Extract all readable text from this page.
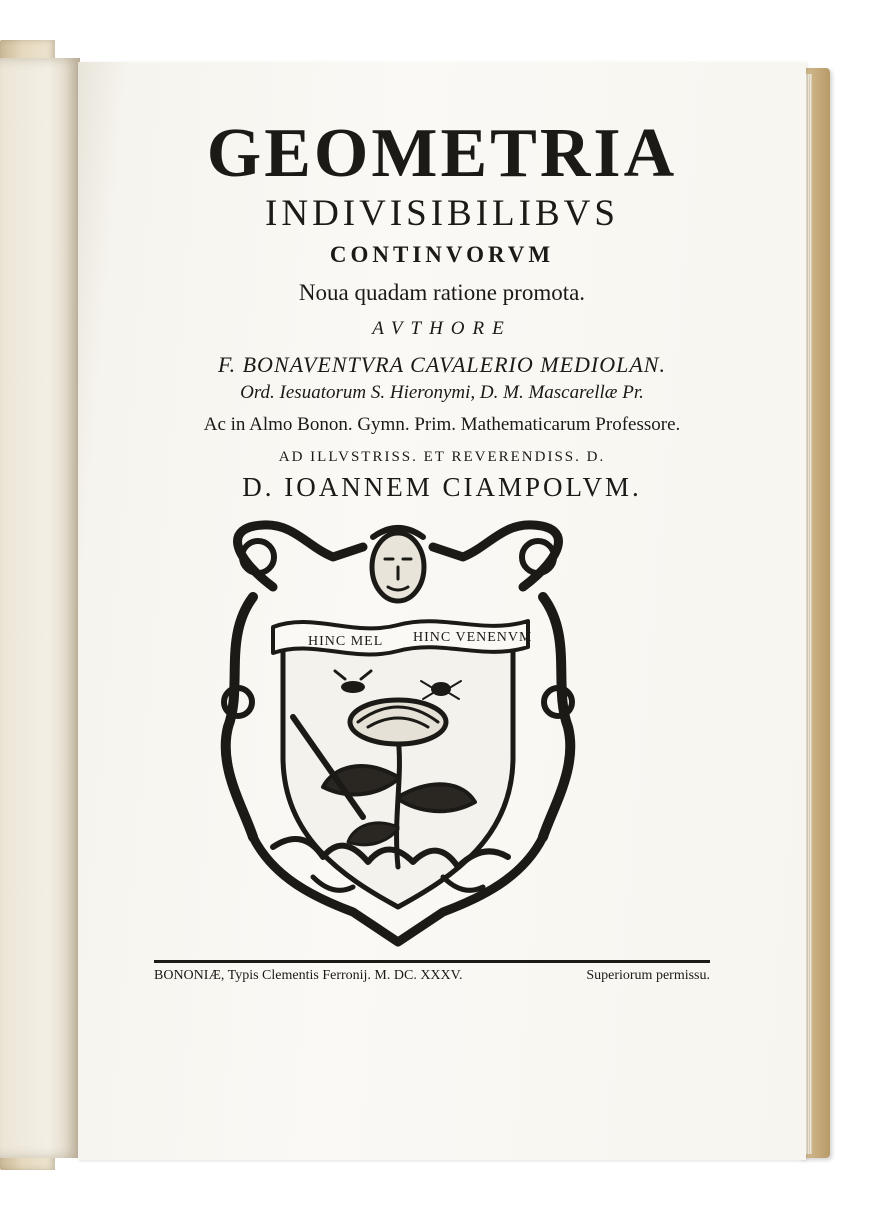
GEOMETRIA
INDIVISIBILIBVS
CONTINVORVM
Noua quadam ratione promota.
AVTHORE
F. BONAVENTVRA CAVALERIO MEDIOLAN.
Ord. Iesuatorum S. Hieronymi, D. M. Mascarellæ Pr.
Ac in Almo Bonon. Gymn. Prim. Mathematicarum Professore.
AD ILLVSTRISS. ET REVERENDISS. D.
D. IOANNEM CIAMPOLVM.
HINC MEL HINC VENENVM
BONONIÆ, Typis Clementis Ferronij. M. DC. XXXV.	Superiorum permissu.
